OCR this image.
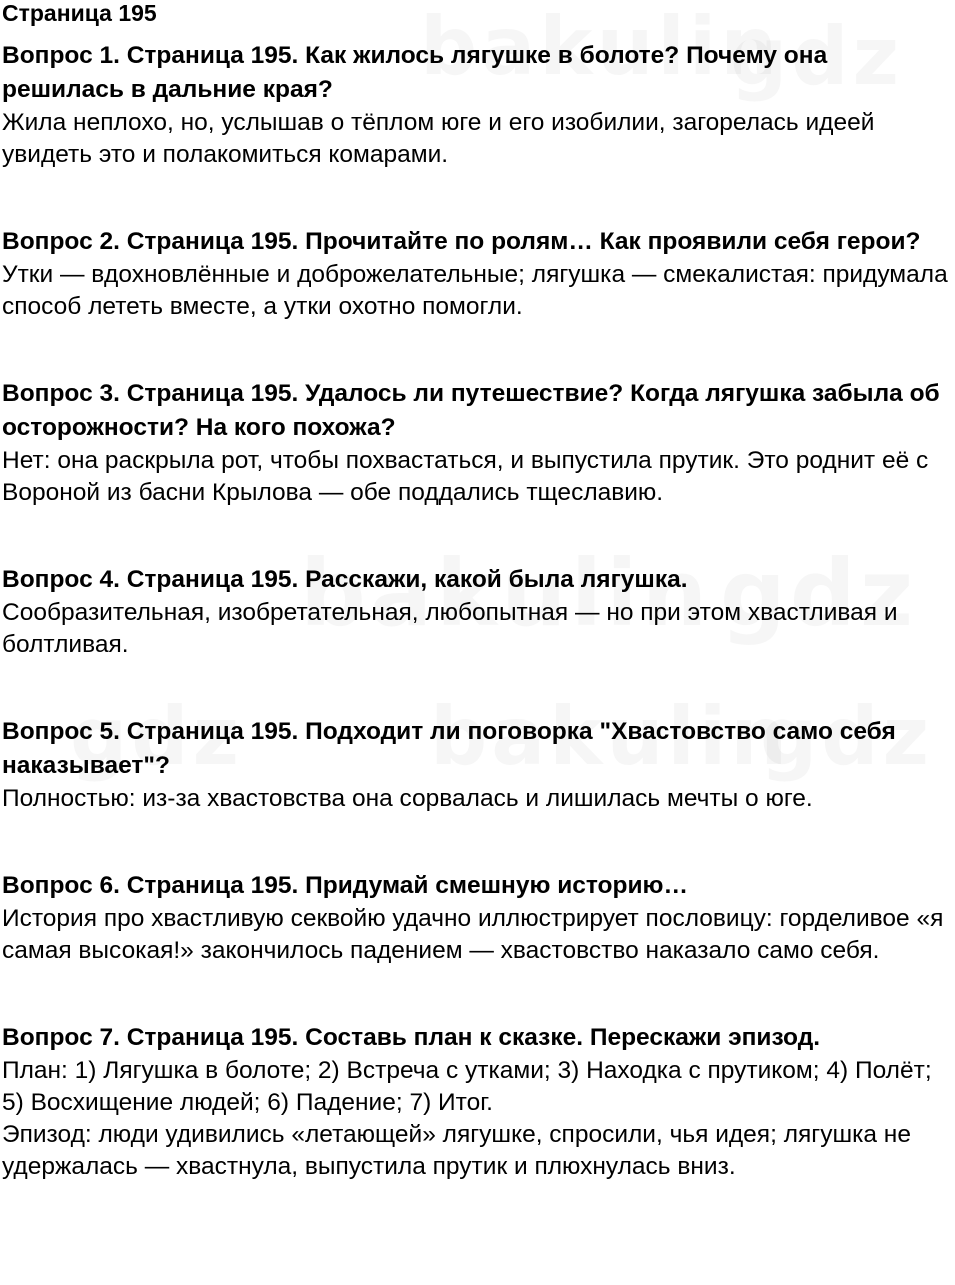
Страница 195

Вопрос 1. Страница 195. Как жилось лягушке в болоте? Почему она решилась в дальние края?

Жила неплохо, но, услышав о тёплом юге и его изобилии, загорелась идеей увидеть это и полакомиться комарами.

Вопрос 2. Страница 195. Прочитайте по ролям… Как проявили себя герои?

Утки — вдохновлённые и доброжелательные; лягушка — смекалистая: придумала способ лететь вместе, а утки охотно помогли.

Вопрос 3. Страница 195. Удалось ли путешествие? Когда лягушка забыла об осторожности? На кого похожа?

Нет: она раскрыла рот, чтобы похвастаться, и выпустила прутик. Это роднит её с Вороной из басни Крылова — обе поддались тщеславию.

Вопрос 4. Страница 195. Расскажи, какой была лягушка.

Сообразительная, изобретательная, любопытная — но при этом хвастливая и болтливая.

Вопрос 5. Страница 195. Подходит ли поговорка "Хвастовство само себя наказывает"?

Полностью: из-за хвастовства она сорвалась и лишилась мечты о юге.

Вопрос 6. Страница 195. Придумай смешную историю…

История про хвастливую секвойю удачно иллюстрирует пословицу: горделивое «я самая высокая!» закончилось падением — хвастовство наказало само себя.

Вопрос 7. Страница 195. Составь план к сказке. Перескажи эпизод.

План: 1) Лягушка в болоте; 2) Встреча с утками; 3) Находка с прутиком; 4) Полёт; 5) Восхищение людей; 6) Падение; 7) Итог.

Эпизод: люди удивились «летающей» лягушке, спросили, чья идея; лягушка не удержалась — хвастнула, выпустила прутик и плюхнулась вниз.
